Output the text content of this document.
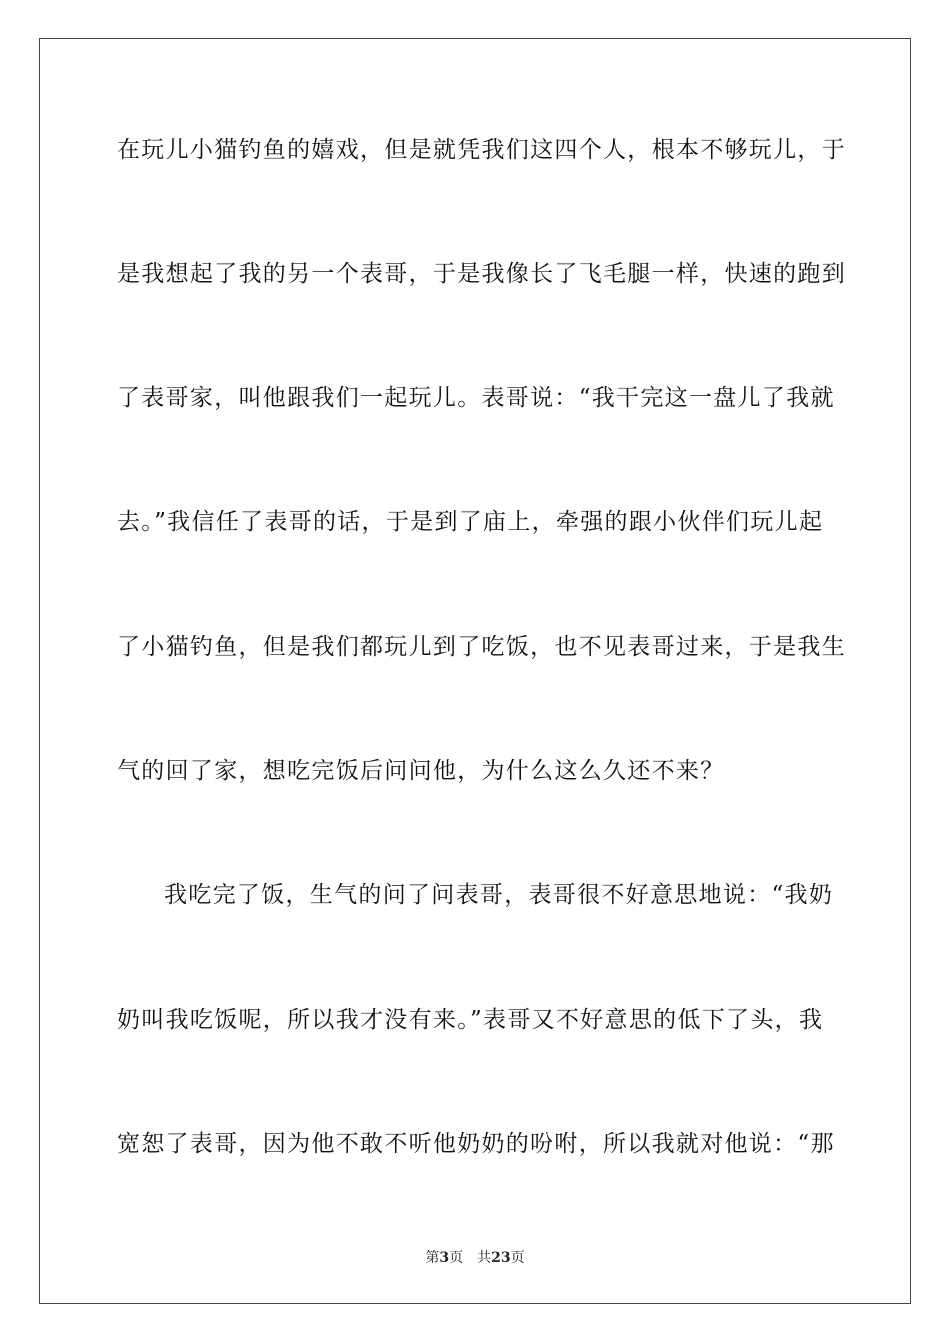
在玩儿小猫钓鱼的嬉戏，但是就凭我们这四个人，根本不够玩儿，于
是我想起了我的另一个表哥，于是我像长了飞毛腿一样，快速的跑到
了表哥家，叫他跟我们一起玩儿。表哥说：“我干完这一盘儿了我就
去。”我信任了表哥的话，于是到了庙上，牵强的跟小伙伴们玩儿起
了小猫钓鱼，但是我们都玩儿到了吃饭，也不见表哥过来，于是我生
气的回了家，想吃完饭后问问他，为什么这么久还不来？
我吃完了饭，生气的问了问表哥，表哥很不好意思地说：“我奶
奶叫我吃饭呢，所以我才没有来。”表哥又不好意思的低下了头，我
宽恕了表哥，因为他不敢不听他奶奶的吩咐，所以我就对他说：“那
第3页 共23页
